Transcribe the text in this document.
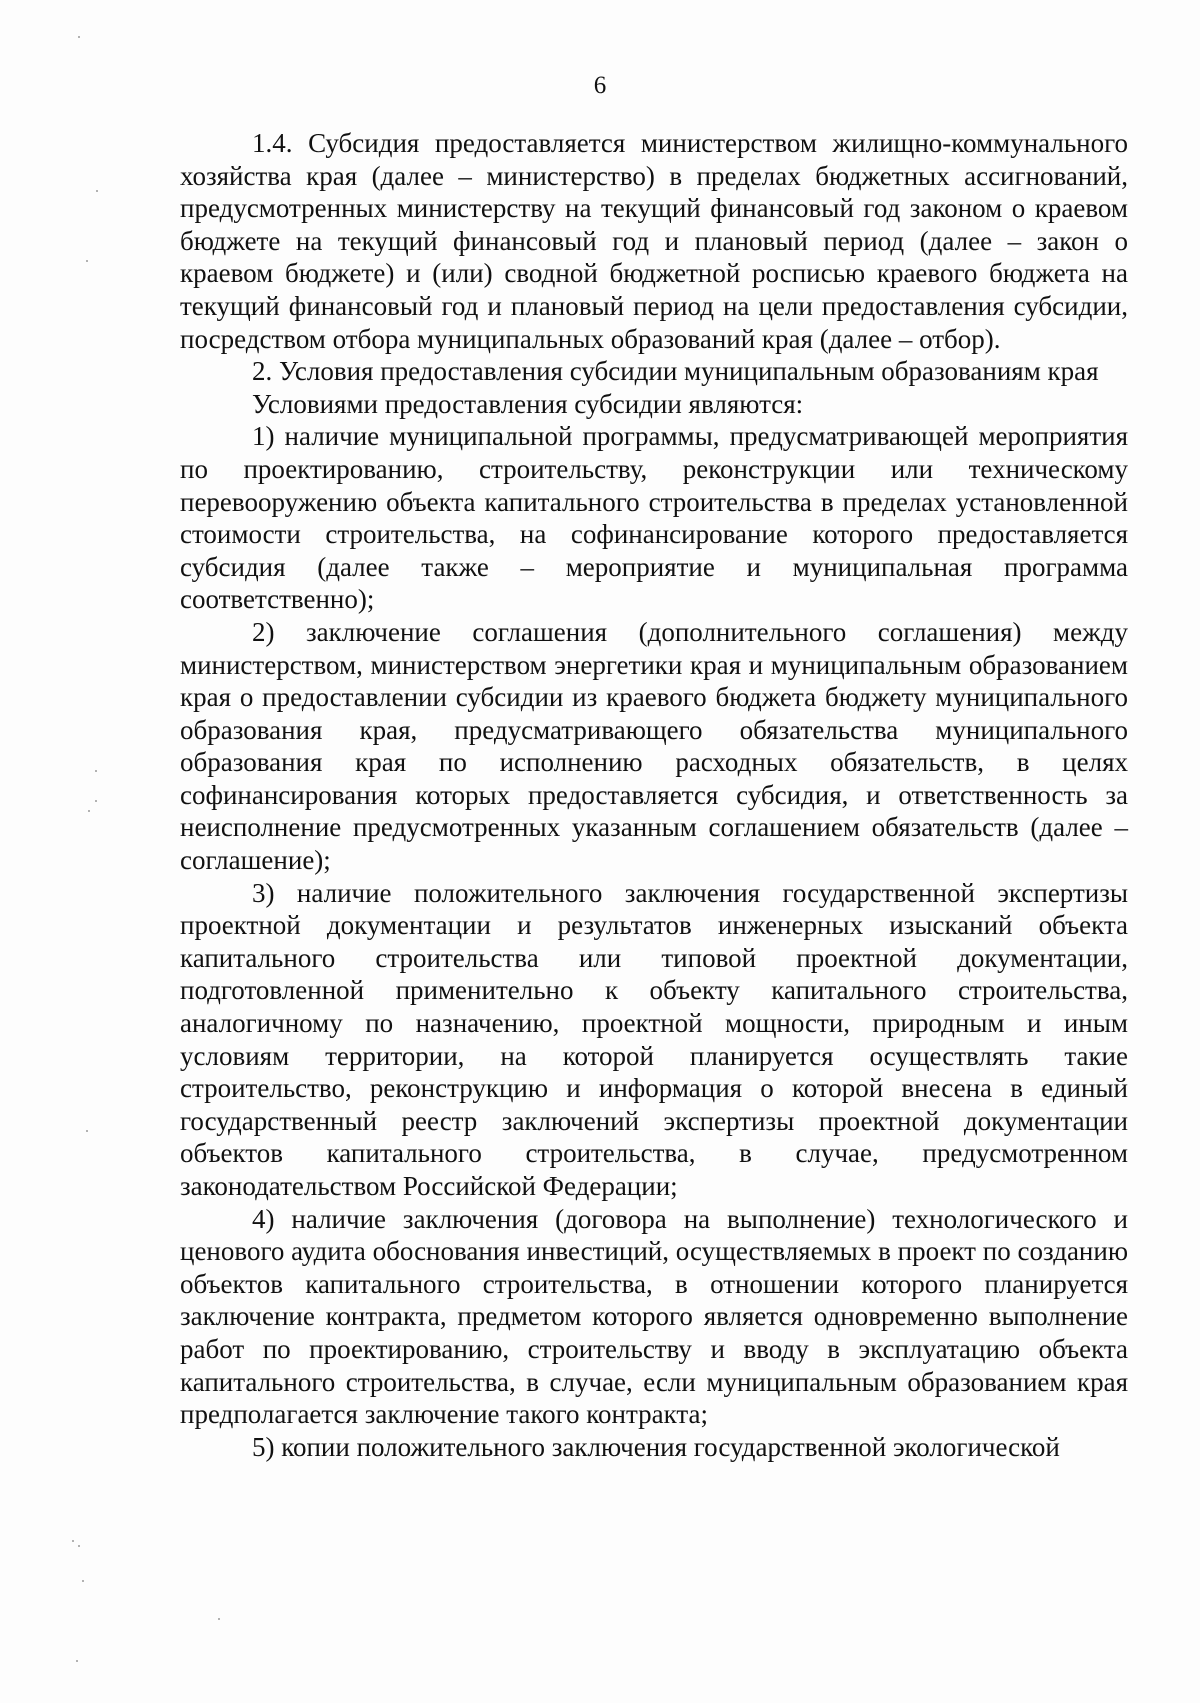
6

1.4. Субсидия предоставляется министерством жилищно-коммунального хозяйства края (далее – министерство) в пределах бюджетных ассигнований, предусмотренных министерству на текущий финансовый год законом о краевом бюджете на текущий финансовый год и плановый период (далее – закон о краевом бюджете) и (или) сводной бюджетной росписью краевого бюджета на текущий финансовый год и плановый период на цели предоставления субсидии, посредством отбора муниципальных образований края (далее – отбор).

2. Условия предоставления субсидии муниципальным образованиям края

Условиями предоставления субсидии являются:

1) наличие муниципальной программы, предусматривающей мероприятия по проектированию, строительству, реконструкции или техническому перевооружению объекта капитального строительства в пределах установленной стоимости строительства, на софинансирование которого предоставляется субсидия (далее также – мероприятие и муниципальная программа соответственно);

2) заключение соглашения (дополнительного соглашения) между министерством, министерством энергетики края и муниципальным образованием края о предоставлении субсидии из краевого бюджета бюджету муниципального образования края, предусматривающего обязательства муниципального образования края по исполнению расходных обязательств, в целях софинансирования которых предоставляется субсидия, и ответственность за неисполнение предусмотренных указанным соглашением обязательств (далее – соглашение);

3) наличие положительного заключения государственной экспертизы проектной документации и результатов инженерных изысканий объекта капитального строительства или типовой проектной документации, подготовленной применительно к объекту капитального строительства, аналогичному по назначению, проектной мощности, природным и иным условиям территории, на которой планируется осуществлять такие строительство, реконструкцию и информация о которой внесена в единый государственный реестр заключений экспертизы проектной документации объектов капитального строительства, в случае, предусмотренном законодательством Российской Федерации;

4) наличие заключения (договора на выполнение) технологического и ценового аудита обоснования инвестиций, осуществляемых в проект по созданию объектов капитального строительства, в отношении которого планируется заключение контракта, предметом которого является одновременно выполнение работ по проектированию, строительству и вводу в эксплуатацию объекта капитального строительства, в случае, если муниципальным образованием края предполагается заключение такого контракта;

5) копии положительного заключения государственной экологической
